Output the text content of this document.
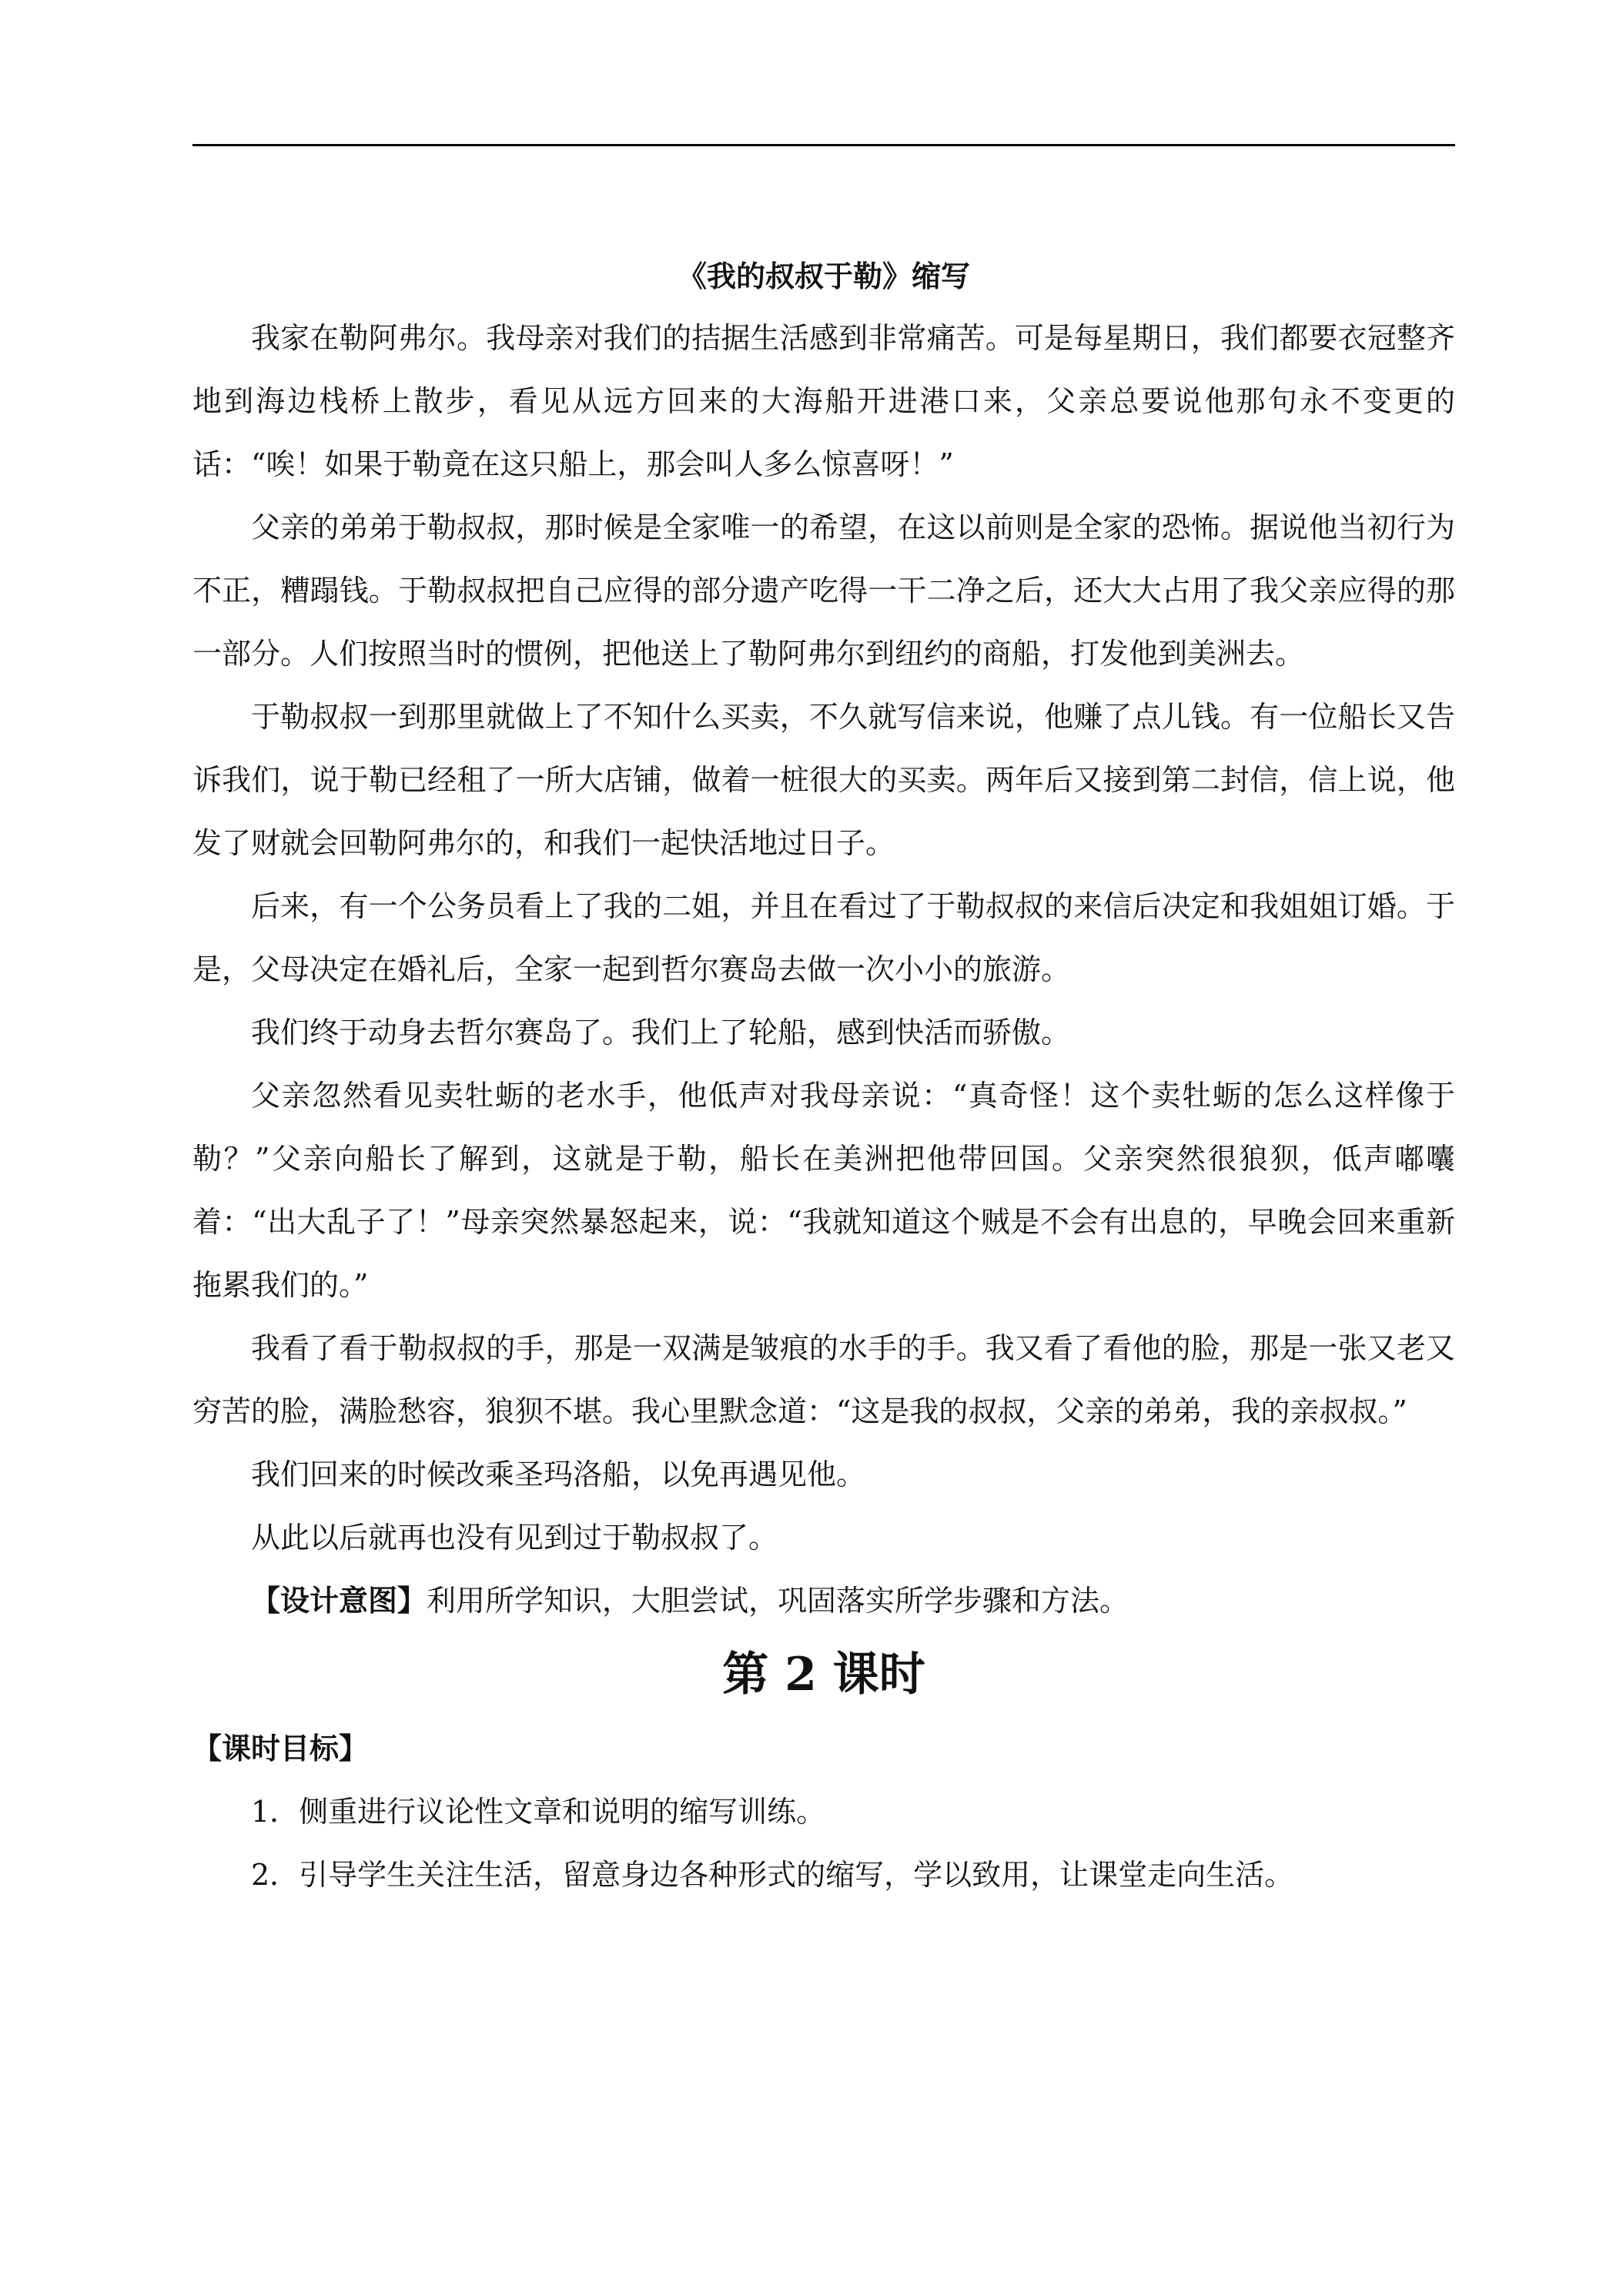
《我的叔叔于勒》缩写

我家在勒阿弗尔。我母亲对我们的拮据生活感到非常痛苦。可是每星期日，我们都要衣冠整齐地到海边栈桥上散步，看见从远方回来的大海船开进港口来，父亲总要说他那句永不变更的话：“唉！如果于勒竟在这只船上，那会叫人多么惊喜呀！”

父亲的弟弟于勒叔叔，那时候是全家唯一的希望，在这以前则是全家的恐怖。据说他当初行为不正，糟蹋钱。于勒叔叔把自己应得的部分遗产吃得一干二净之后，还大大占用了我父亲应得的那一部分。人们按照当时的惯例，把他送上了勒阿弗尔到纽约的商船，打发他到美洲去。

于勒叔叔一到那里就做上了不知什么买卖，不久就写信来说，他赚了点儿钱。有一位船长又告诉我们，说于勒已经租了一所大店铺，做着一桩很大的买卖。两年后又接到第二封信，信上说，他发了财就会回勒阿弗尔的，和我们一起快活地过日子。

后来，有一个公务员看上了我的二姐，并且在看过了于勒叔叔的来信后决定和我姐姐订婚。于是，父母决定在婚礼后，全家一起到哲尔赛岛去做一次小小的旅游。

我们终于动身去哲尔赛岛了。我们上了轮船，感到快活而骄傲。

父亲忽然看见卖牡蛎的老水手，他低声对我母亲说：“真奇怪！这个卖牡蛎的怎么这样像于勒？”父亲向船长了解到，这就是于勒，船长在美洲把他带回国。父亲突然很狼狈，低声嘟囔着：“出大乱子了！”母亲突然暴怒起来，说：“我就知道这个贼是不会有出息的，早晚会回来重新拖累我们的。”

我看了看于勒叔叔的手，那是一双满是皱痕的水手的手。我又看了看他的脸，那是一张又老又穷苦的脸，满脸愁容，狼狈不堪。我心里默念道：“这是我的叔叔，父亲的弟弟，我的亲叔叔。”

我们回来的时候改乘圣玛洛船，以免再遇见他。

从此以后就再也没有见到过于勒叔叔了。

【设计意图】利用所学知识，大胆尝试，巩固落实所学步骤和方法。

第 2 课时

【课时目标】

1．侧重进行议论性文章和说明的缩写训练。

2．引导学生关注生活，留意身边各种形式的缩写，学以致用，让课堂走向生活。
